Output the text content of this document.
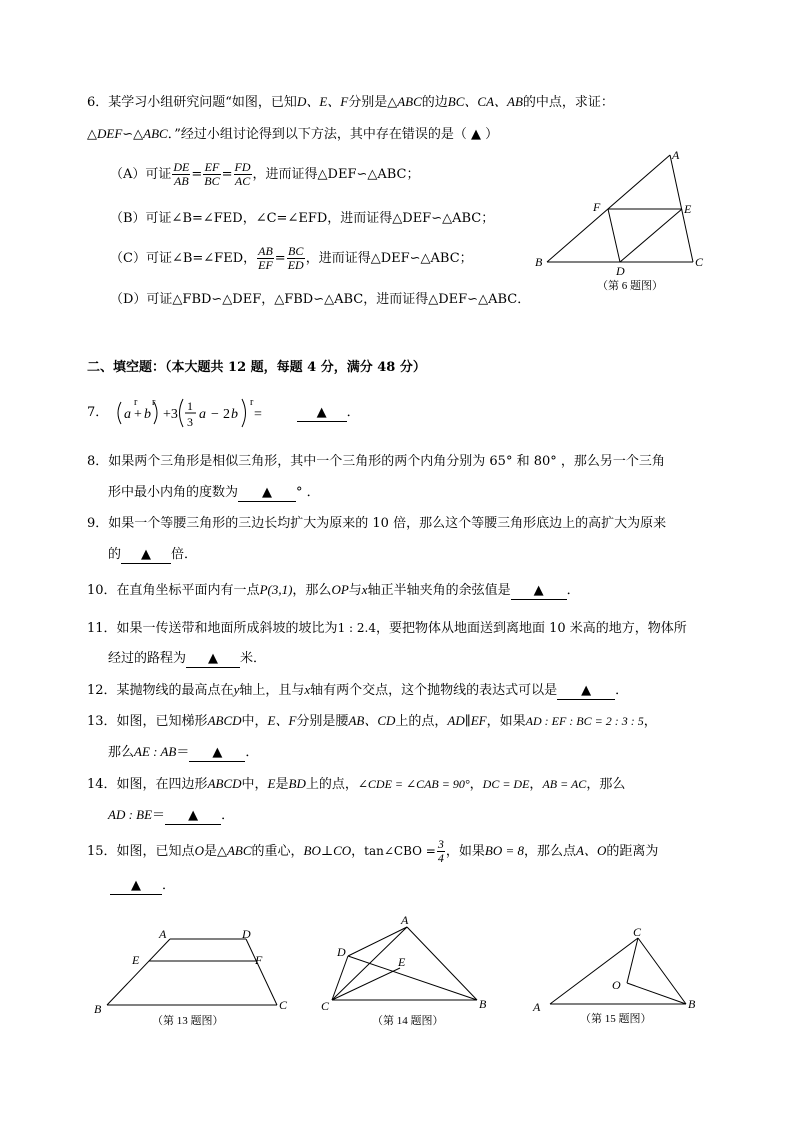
6．某学习小组研究问题“如图，已知D、E、F分别是△ABC的边BC、CA、AB的中点，求证：
△DEF∽△ABC．”经过小组讨论得到以下方法，其中存在错误的是（ ▲ ）
（A）可证 $\frac{DE}{AB} = \frac{EF}{BC} = \frac{FD}{AC}$ ，进而证得△DEF∽△ABC；
（B）可证∠B=∠FED，∠C=∠EFD，进而证得△DEF∽△ABC；
（C）可证∠B=∠FED， $\frac{AB}{EF} = \frac{BC}{ED}$ ，进而证得△DEF∽△ABC；
（D）可证△FBD∽△DEF，△FBD∽△ABC，进而证得△DEF∽△ABC．
A
B	C
D
E
F
（第 6 题图）
二、填空题：（本大题共 12 题，每题 4 分，满分 48 分）
7．
r r	r
a + b +3
1
3 a − 2 b =	▲ ．
8．如果两个三角形是相似三角形，其中一个三角形的两个内角分别为 65° 和 80° ，那么另一个三角
形中最小内角的度数为 ▲ ° ．
9．如果一个等腰三角形的三边长均扩大为原来的 10 倍，那么这个等腰三角形底边上的高扩大为原来
的 ▲ 倍．
10．在直角坐标平面内有一点P(3,1)，那么OP与x轴正半轴夹角的余弦值是 ▲ ．
11．如果一传送带和地面所成斜坡的坡比为1 : 2.4，要把物体从地面送到离地面 10 米高的地方，物体所
经过的路程为 ▲ 米．
12．某抛物线的最高点在y轴上，且与x轴有两个交点，这个抛物线的表达式可以是 ▲ ．
13．如图，已知梯形ABCD中，E、F分别是腰AB、CD上的点，AD∥EF，如果AD : EF : BC = 2 : 3 : 5，
那么AE : AB＝ ▲ ．
14．如图，在四边形ABCD中，E是BD上的点，∠CDE = ∠CAB = 90°，DC = DE，AB = AC，那么
AD : BE＝ ▲ ．
15．如图，已知点O是△ABC的重心，BO⊥CO，tan∠CBO = $\frac{3}{4}$ ，如果BO = 8，那么点A、O的距离为
▲ ．
A	D
E	F
B	C
（第 13 题图）
A
D
E
C	B
（第 14 题图）
C
O
A	B
（第 15 题图）
